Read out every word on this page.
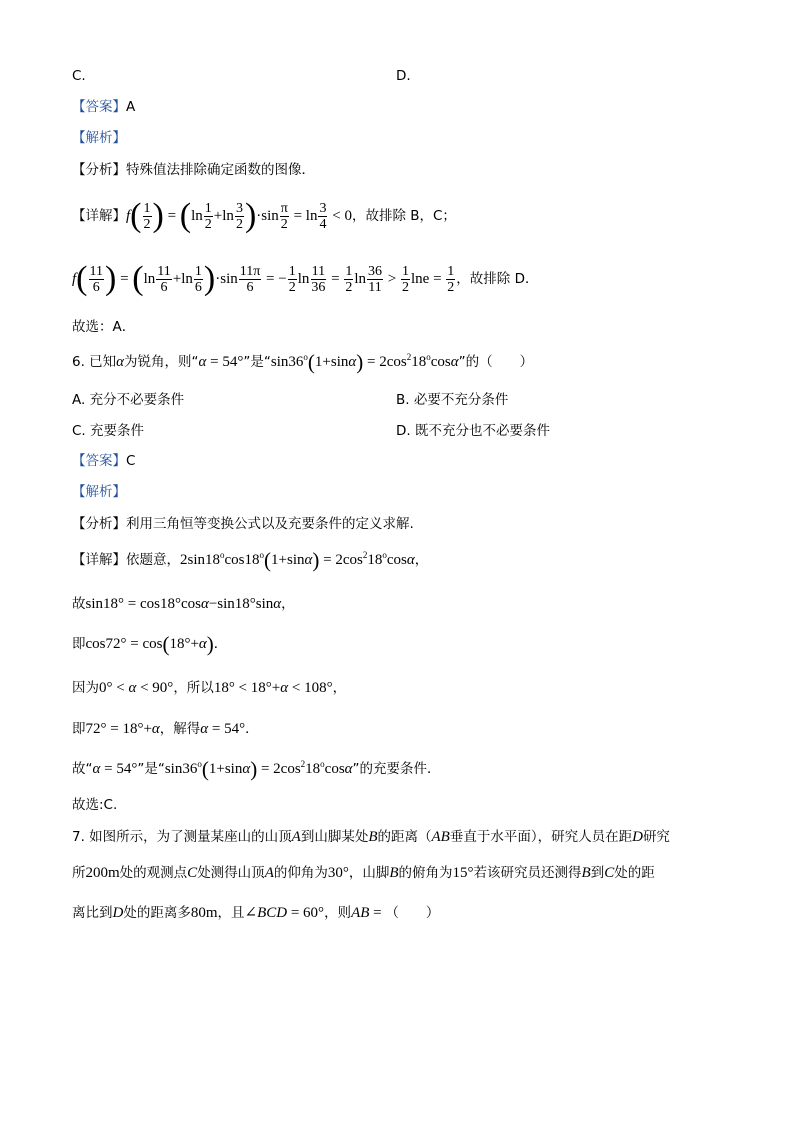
C.	D.
【答案】A
【解析】
【分析】特殊值法排除确定函数的图像．
【详解】$f( \frac{1}{2}$ ) = $(\ln \frac{1}{2} +\ln \frac{3}{2} )\cdot\sin \frac{\pi}{2} = \ln \frac{3}{4} < 0$，故排除 B，C；
$f( \frac{11}{6}$ ) = $(\ln \frac{11}{6} +\ln \frac{1}{6} )\cdot\sin \frac{11\pi}{6}$ = − $\frac{1}{2}$ $\ln \frac{11}{36} = \frac{1}{2}$ $\ln \frac{36}{11} > \frac{1}{2}$ $\ln e = \frac{1}{2}$ ，故排除 D．
故选：A．
6. 已知α为锐角，则“α = 54°”是“$\sin 36^o(1+\sin\alpha) = 2\cos^218^o\cos\alpha$”的（　　）
A. 充分不必要条件	B. 必要不充分条件
C. 充要条件	D. 既不充分也不必要条件
【答案】C
【解析】
【分析】利用三角恒等变换公式以及充要条件的定义求解.
【详解】依题意，$2\sin 18^o\cos 18^o(1+\sin\alpha) = 2\cos^218^o\cos\alpha$，
故sin18° = cos18°cosα−sin18°sinα，
即cos72° = cos(18°+α)．
因为0° < α < 90°，所以18° < 18°+α < 108°，
即72° = 18°+α，解得α = 54°．
故“α = 54°”是“$\sin 36^o(1+\sin\alpha) = 2\cos^218^o\cos\alpha$”的充要条件．
故选:C.
7. 如图所示，为了测量某座山的山顶A到山脚某处B的距离（AB垂直于水平面），研究人员在距D研究
所200m处的观测点C处测得山顶A的仰角为30°，山脚B的俯角为15°若该研究员还测得B到C处的距
离比到D处的距离多80m，且∠BCD = 60°，则AB = （　　）
